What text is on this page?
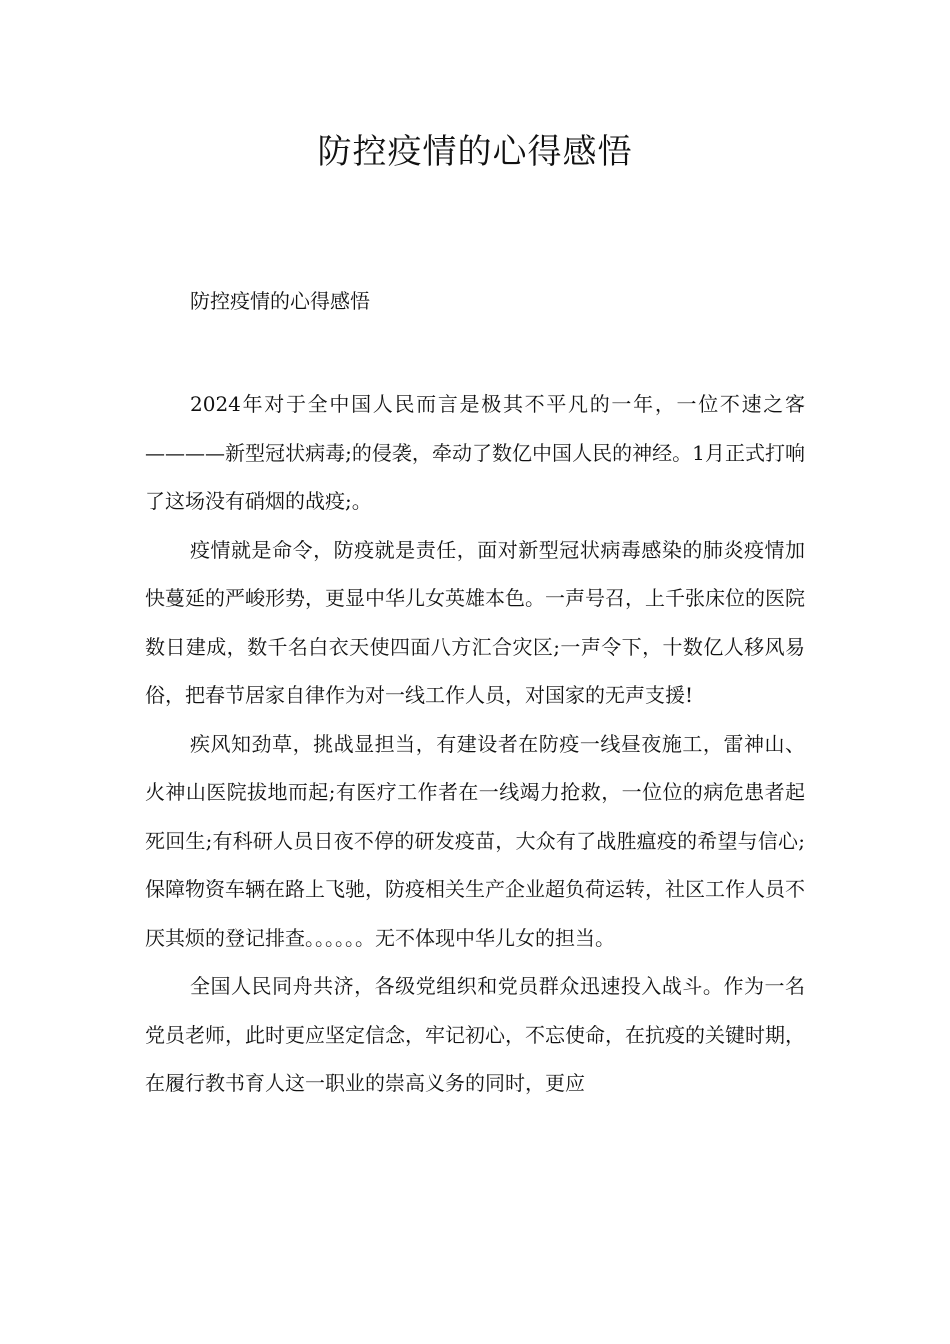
防控疫情的心得感悟

防控疫情的心得感悟

2024年对于全中国人民而言是极其不平凡的一年，一位不速之客————新型冠状病毒;的侵袭，牵动了数亿中国人民的神经。1月正式打响了这场没有硝烟的战疫;。

疫情就是命令，防疫就是责任，面对新型冠状病毒感染的肺炎疫情加快蔓延的严峻形势，更显中华儿女英雄本色。一声号召，上千张床位的医院数日建成，数千名白衣天使四面八方汇合灾区;一声令下，十数亿人移风易俗，把春节居家自律作为对一线工作人员，对国家的无声支援!

疾风知劲草，挑战显担当，有建设者在防疫一线昼夜施工，雷神山、火神山医院拔地而起;有医疗工作者在一线竭力抢救，一位位的病危患者起死回生;有科研人员日夜不停的研发疫苗，大众有了战胜瘟疫的希望与信心;保障物资车辆在路上飞驰，防疫相关生产企业超负荷运转，社区工作人员不厌其烦的登记排查。。。。。。无不体现中华儿女的担当。

全国人民同舟共济，各级党组织和党员群众迅速投入战斗。作为一名党员老师，此时更应坚定信念，牢记初心，不忘使命，在抗疫的关键时期，在履行教书育人这一职业的崇高义务的同时，更应
